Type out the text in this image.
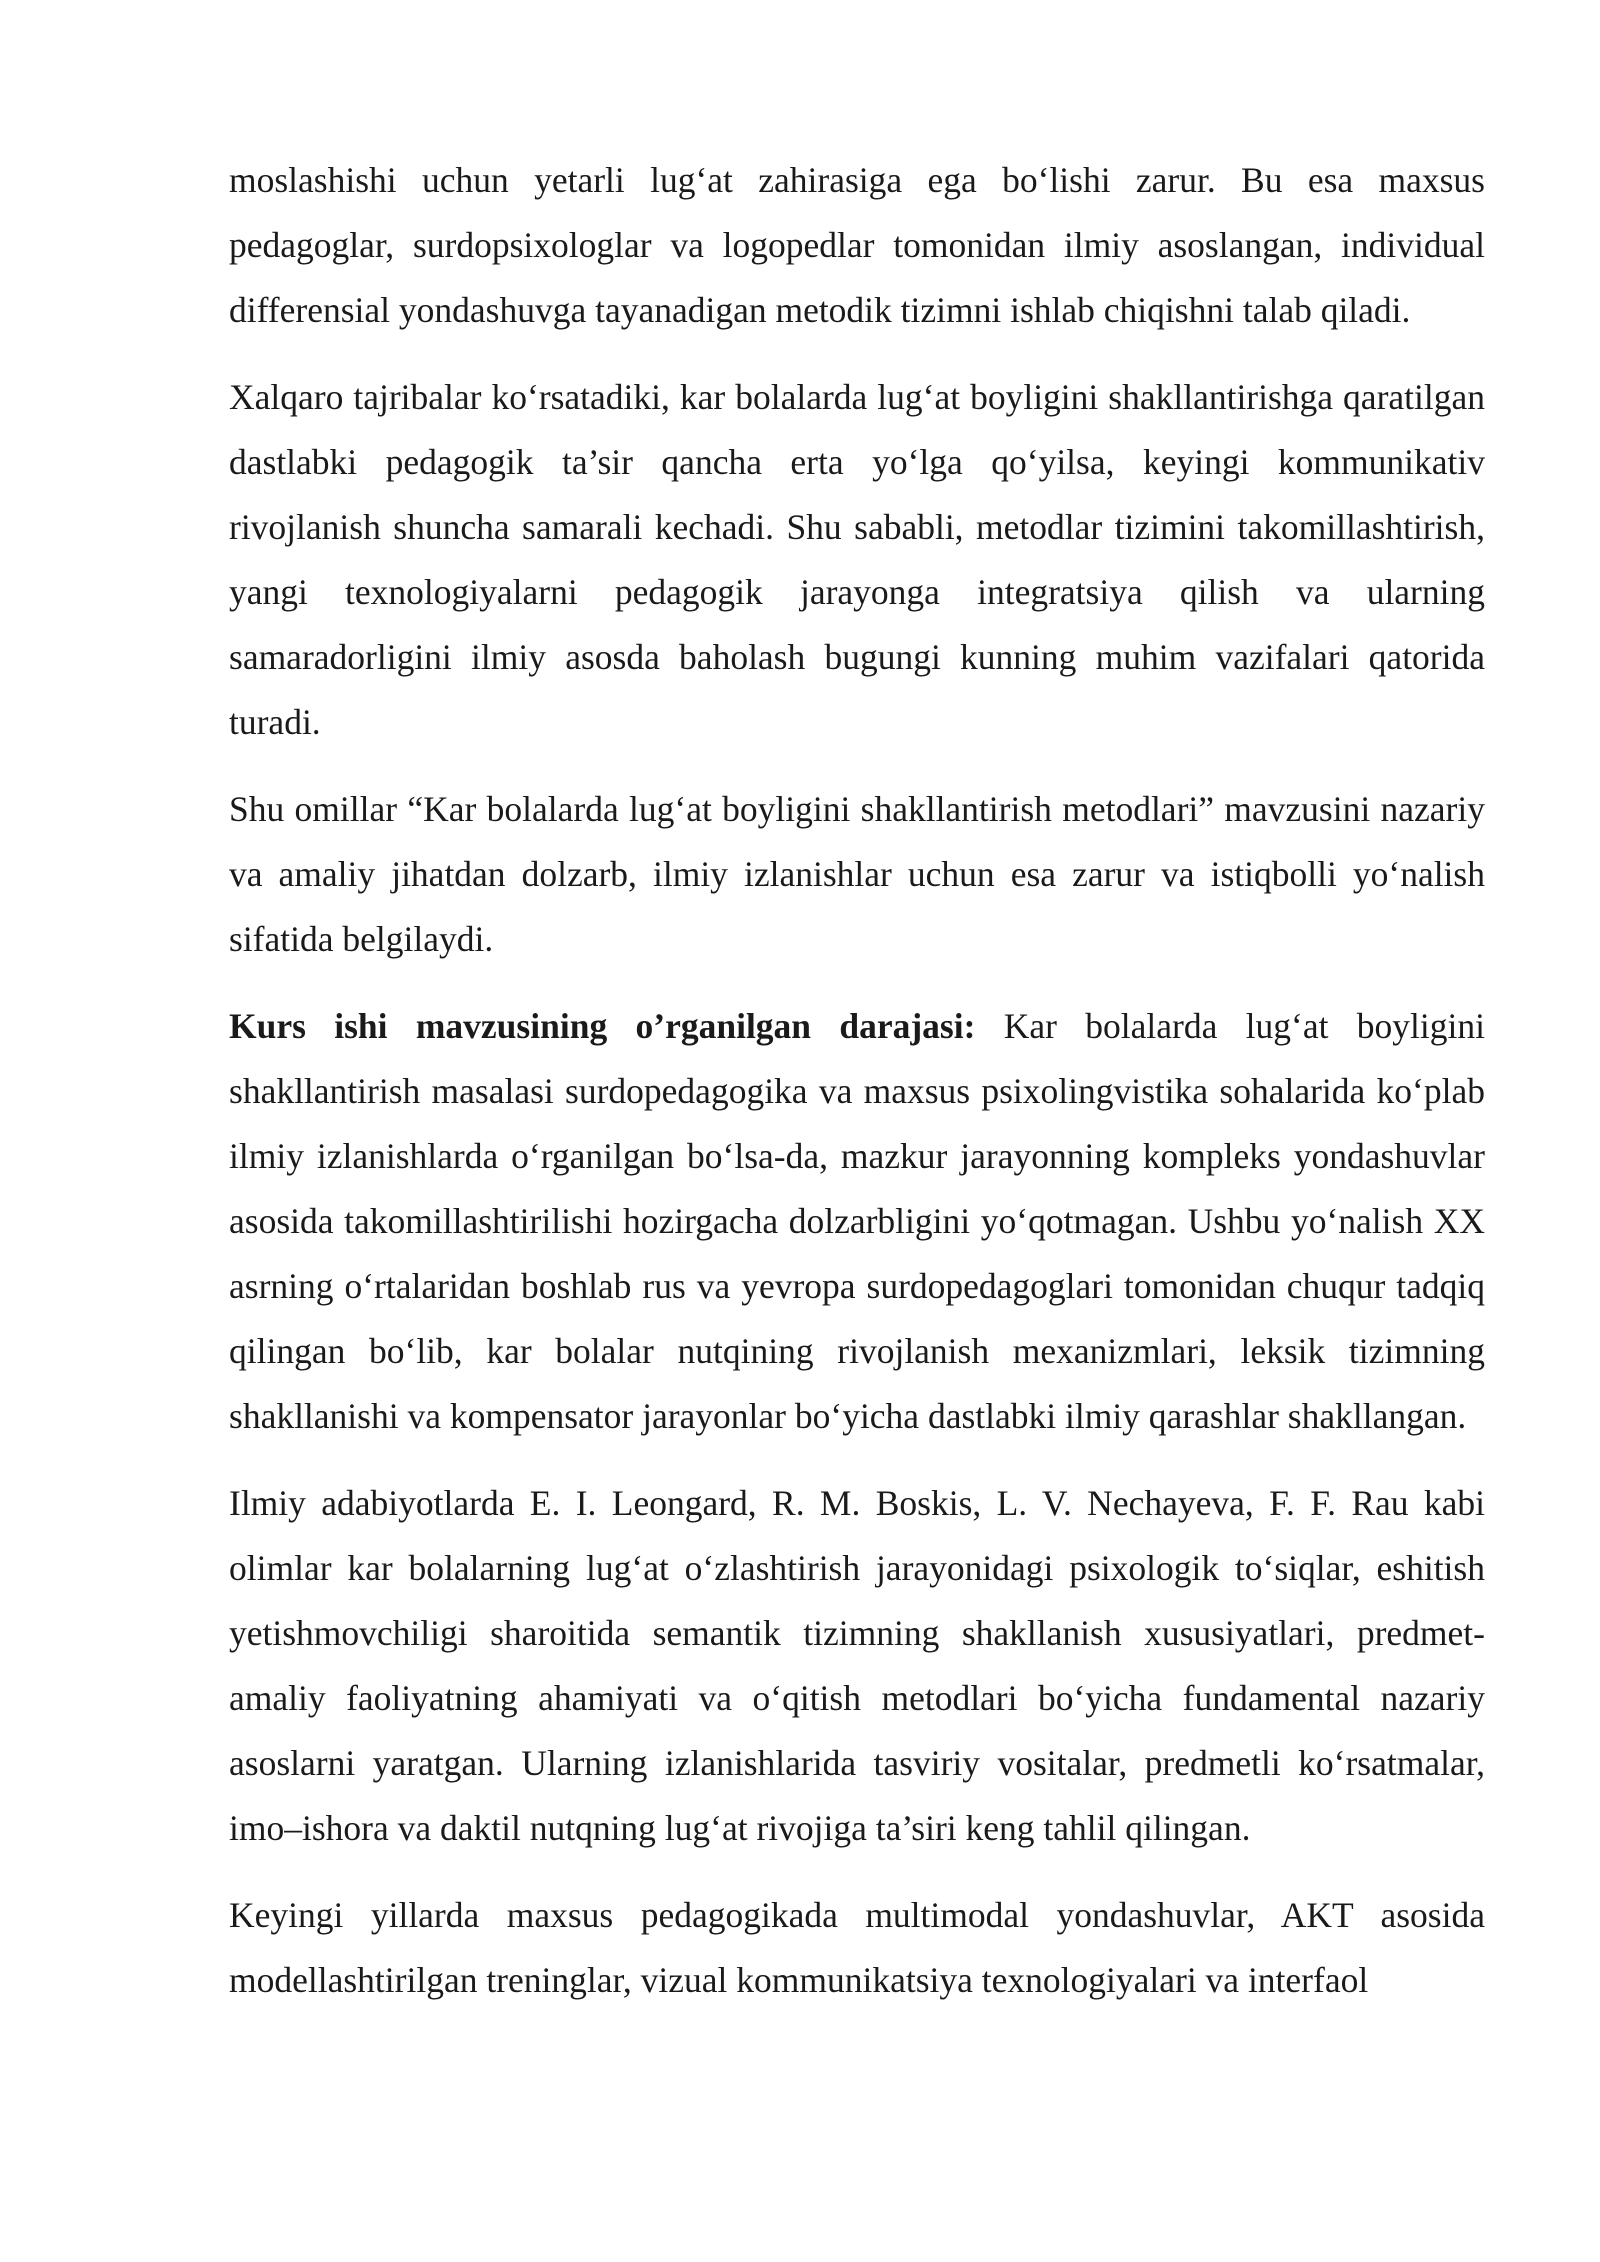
moslashishi uchun yetarli lug‘at zahirasiga ega bo‘lishi zarur. Bu esa maxsus pedagoglar, surdopsixologlar va logopedlar tomonidan ilmiy asoslangan, individual differensial yondashuvga tayanadigan metodik tizimni ishlab chiqishni talab qiladi.

Xalqaro tajribalar ko‘rsatadiki, kar bolalarda lug‘at boyligini shakllantirishga qaratilgan dastlabki pedagogik ta’sir qancha erta yo‘lga qo‘yilsa, keyingi kommunikativ rivojlanish shuncha samarali kechadi. Shu sababli, metodlar tizimini takomillashtirish, yangi texnologiyalarni pedagogik jarayonga integratsiya qilish va ularning samaradorligini ilmiy asosda baholash bugungi kunning muhim vazifalari qatorida turadi.

Shu omillar “Kar bolalarda lug‘at boyligini shakllantirish metodlari” mavzusini nazariy va amaliy jihatdan dolzarb, ilmiy izlanishlar uchun esa zarur va istiqbolli yo‘nalish sifatida belgilaydi.

Kurs ishi mavzusining o’rganilgan darajasi: Kar bolalarda lug‘at boyligini shakllantirish masalasi surdopedagogika va maxsus psixolingvistika sohalarida ko‘plab ilmiy izlanishlarda o‘rganilgan bo‘lsa-da, mazkur jarayonning kompleks yondashuvlar asosida takomillashtirilishi hozirgacha dolzarbligini yo‘qotmagan. Ushbu yo‘nalish XX asrning o‘rtalaridan boshlab rus va yevropa surdopedagoglari tomonidan chuqur tadqiq qilingan bo‘lib, kar bolalar nutqining rivojlanish mexanizmlari, leksik tizimning shakllanishi va kompensator jarayonlar bo‘yicha dastlabki ilmiy qarashlar shakllangan.

Ilmiy adabiyotlarda E. I. Leongard, R. M. Boskis, L. V. Nechayeva, F. F. Rau kabi olimlar kar bolalarning lug‘at o‘zlashtirish jarayonidagi psixologik to‘siqlar, eshitish yetishmovchiligi sharoitida semantik tizimning shakllanish xususiyatlari, predmet-amaliy faoliyatning ahamiyati va o‘qitish metodlari bo‘yicha fundamental nazariy asoslarni yaratgan. Ularning izlanishlarida tasviriy vositalar, predmetli ko‘rsatmalar, imo–ishora va daktil nutqning lug‘at rivojiga ta’siri keng tahlil qilingan.

Keyingi yillarda maxsus pedagogikada multimodal yondashuvlar, AKT asosida modellashtirilgan treninglar, vizual kommunikatsiya texnologiyalari va interfaol
